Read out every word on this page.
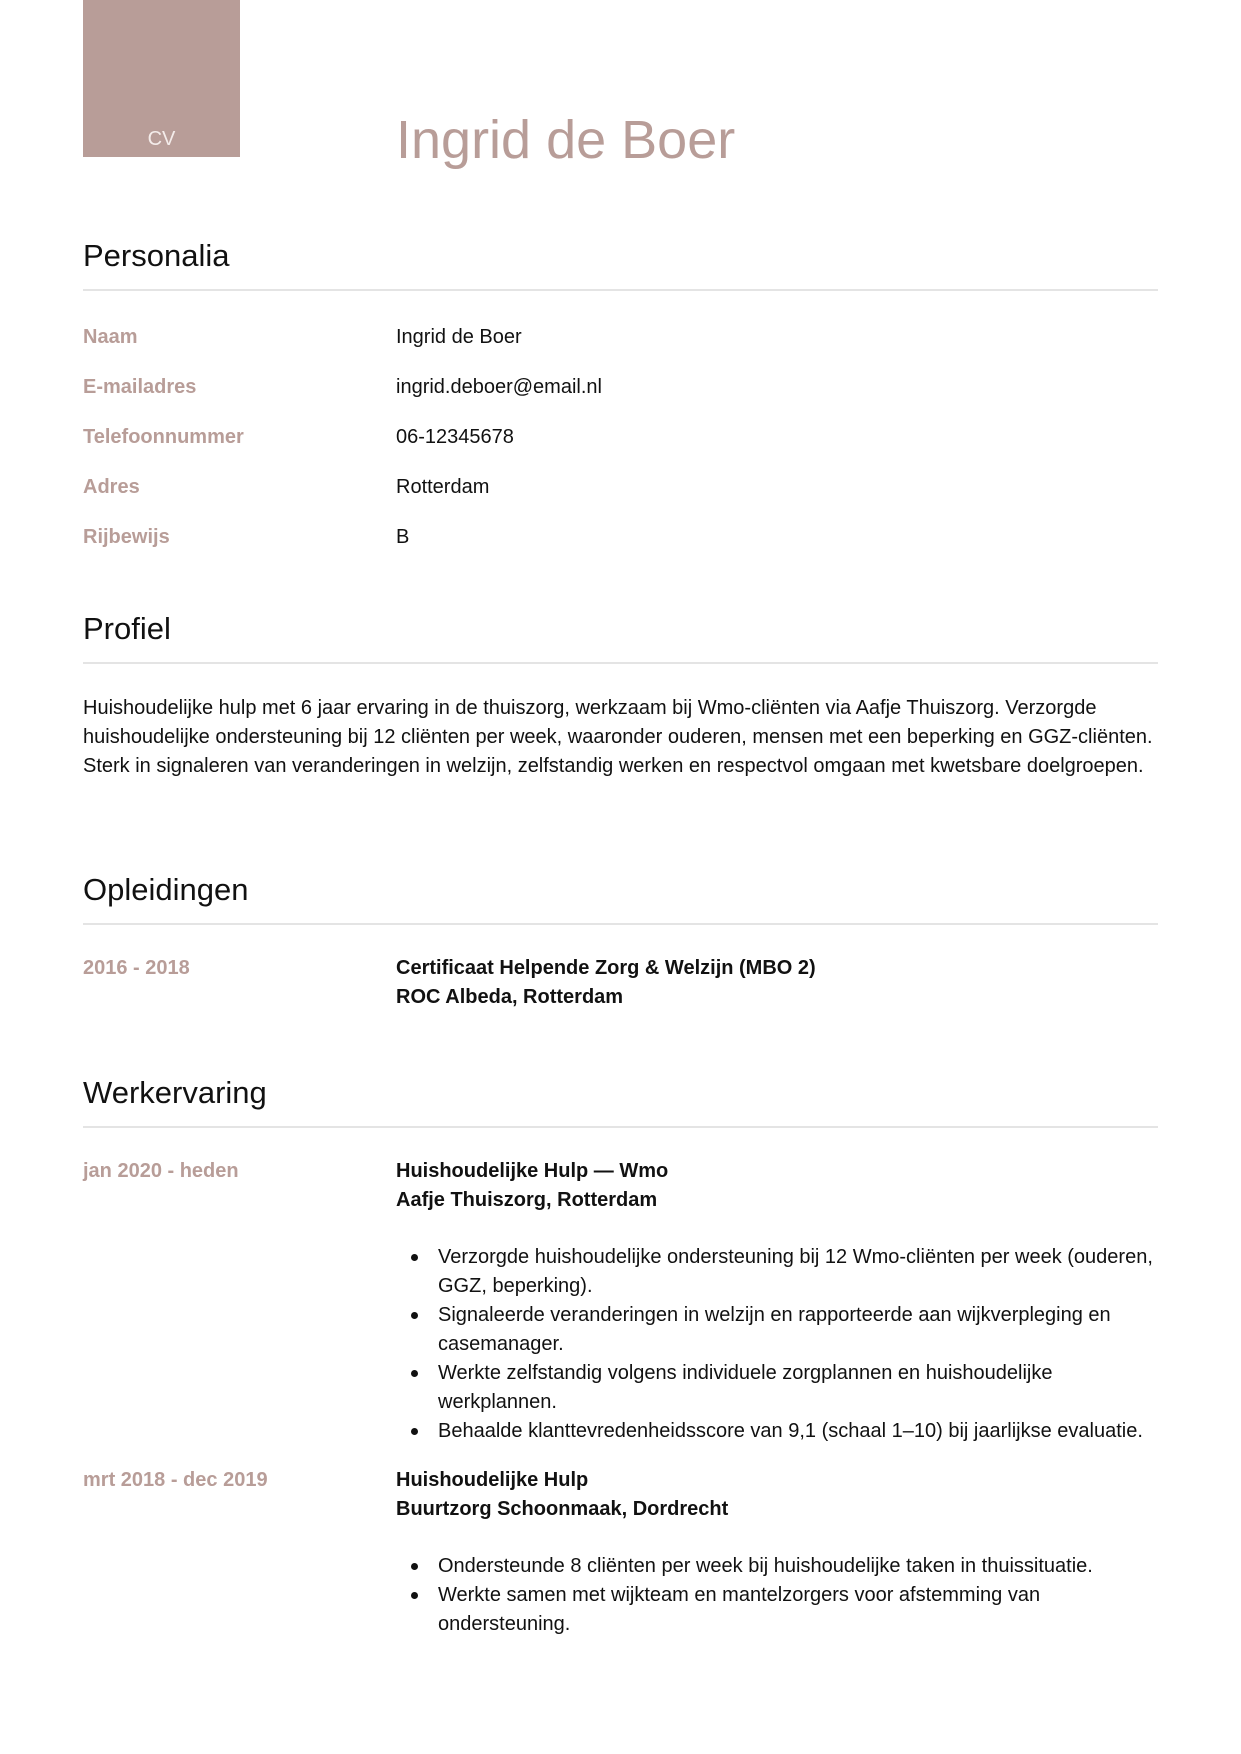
CV	Ingrid de Boer
Personalia
Naam	Ingrid de Boer
E-mailadres	ingrid.deboer@email.nl
Telefoonnummer	06-12345678
Adres	Rotterdam
Rijbewijs	B
Profiel

Huishoudelijke hulp met 6 jaar ervaring in de thuiszorg, werkzaam bij Wmo-cliënten via Aafje Thuiszorg. Verzorgde huishoudelijke ondersteuning bij 12 cliënten per week, waaronder ouderen, mensen met een beperking en GGZ-cliënten. Sterk in signaleren van veranderingen in welzijn, zelfstandig werken en respectvol omgaan met kwetsbare doelgroepen.

Opleidingen
2016 - 2018	Certificaat Helpende Zorg & Welzijn (MBO 2)
ROC Albeda, Rotterdam
Werkervaring
jan 2020 - heden	Huishoudelijke Hulp — Wmo
Aafje Thuiszorg, Rotterdam
Verzorgde huishoudelijke ondersteuning bij 12 Wmo-cliënten per week (ouderen, GGZ, beperking).
Signaleerde veranderingen in welzijn en rapporteerde aan wijkverpleging en casemanager.
Werkte zelfstandig volgens individuele zorgplannen en huishoudelijke werkplannen.
Behaalde klanttevredenheidsscore van 9,1 (schaal 1–10) bij jaarlijkse evaluatie.
mrt 2018 - dec 2019	Huishoudelijke Hulp
Buurtzorg Schoonmaak, Dordrecht
Ondersteunde 8 cliënten per week bij huishoudelijke taken in thuissituatie.
Werkte samen met wijkteam en mantelzorgers voor afstemming van ondersteuning.
